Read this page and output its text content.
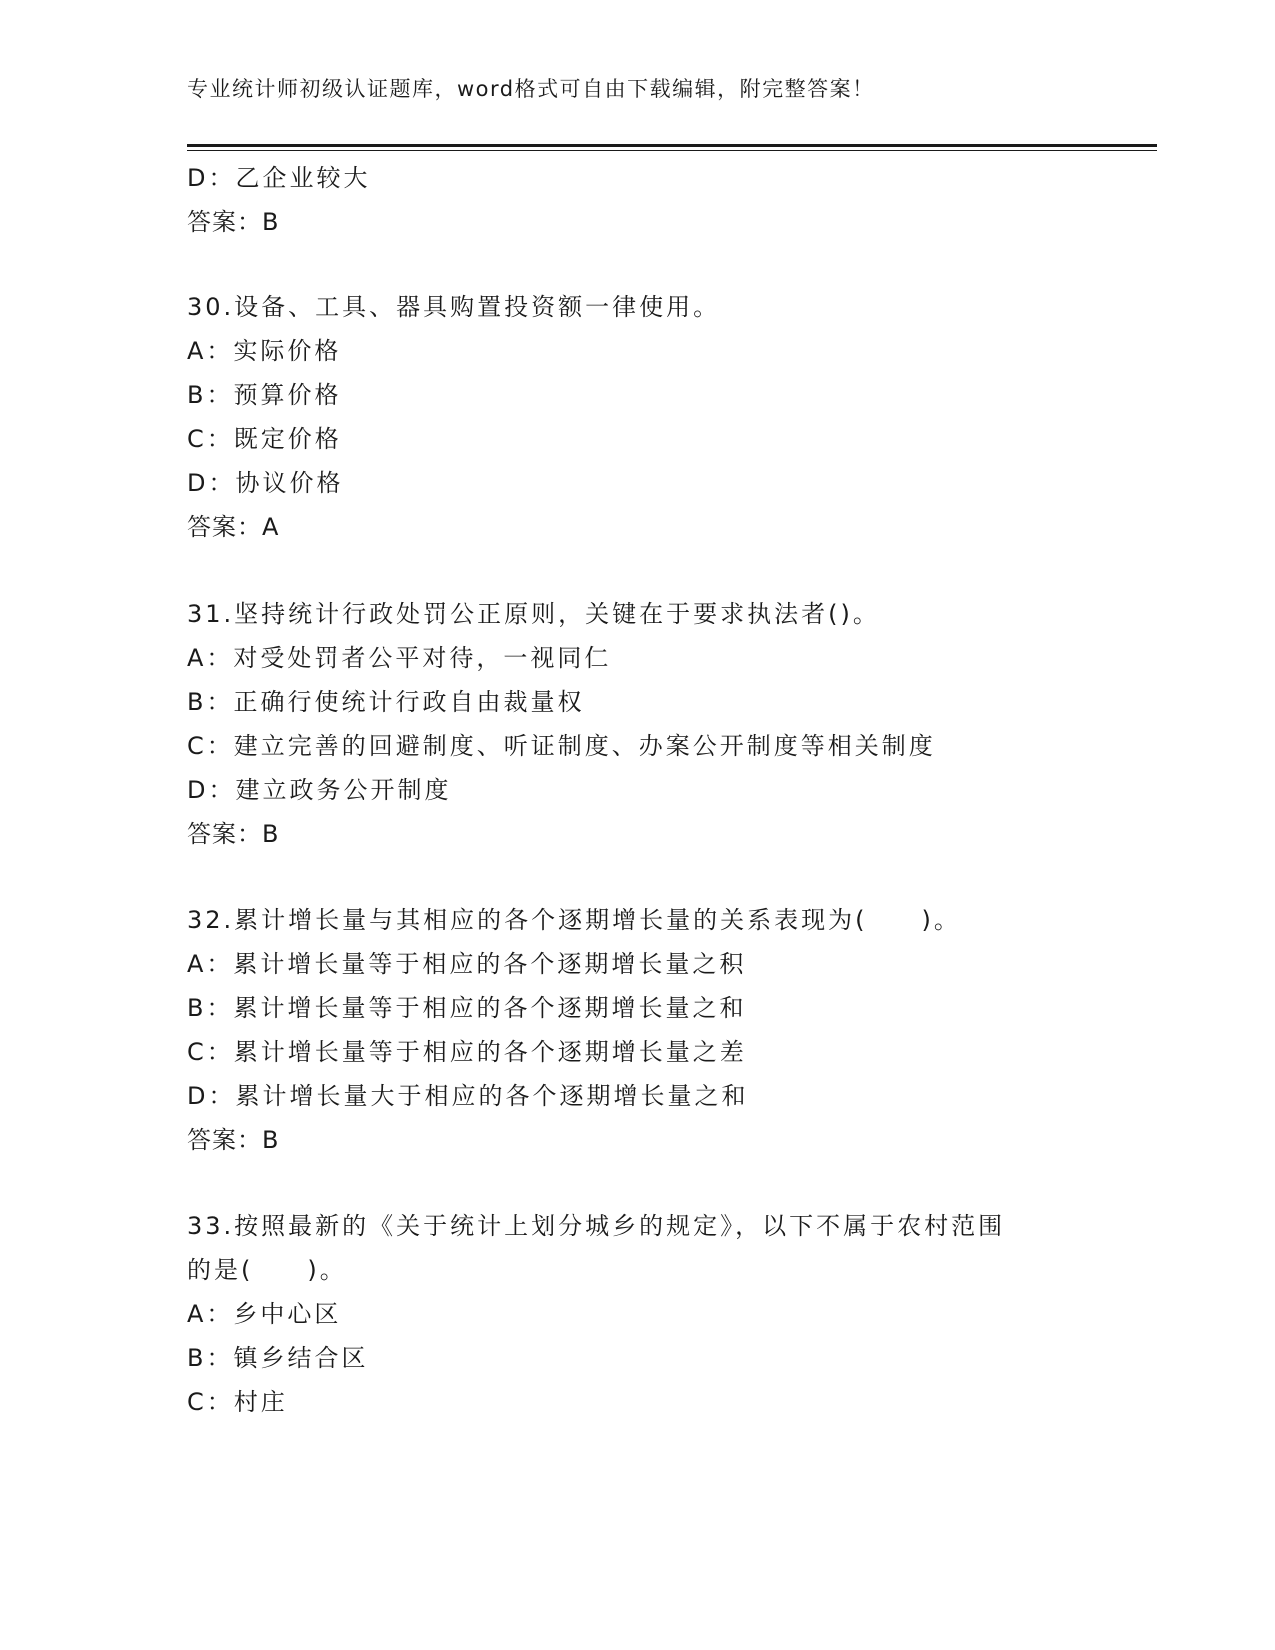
专业统计师初级认证题库，word格式可自由下载编辑，附完整答案！
D：乙企业较大
答案：B
30.设备、工具、器具购置投资额一律使用。
A：实际价格
B：预算价格
C：既定价格
D：协议价格
答案：A
31.坚持统计行政处罚公正原则，关键在于要求执法者()。
A：对受处罚者公平对待，一视同仁
B：正确行使统计行政自由裁量权
C：建立完善的回避制度、听证制度、办案公开制度等相关制度
D：建立政务公开制度
答案：B
32.累计增长量与其相应的各个逐期增长量的关系表现为(　　)。
A：累计增长量等于相应的各个逐期增长量之积
B：累计增长量等于相应的各个逐期增长量之和
C：累计增长量等于相应的各个逐期增长量之差
D：累计增长量大于相应的各个逐期增长量之和
答案：B
33.按照最新的《关于统计上划分城乡的规定》，以下不属于农村范围
的是(　　)。
A：乡中心区
B：镇乡结合区
C：村庄
